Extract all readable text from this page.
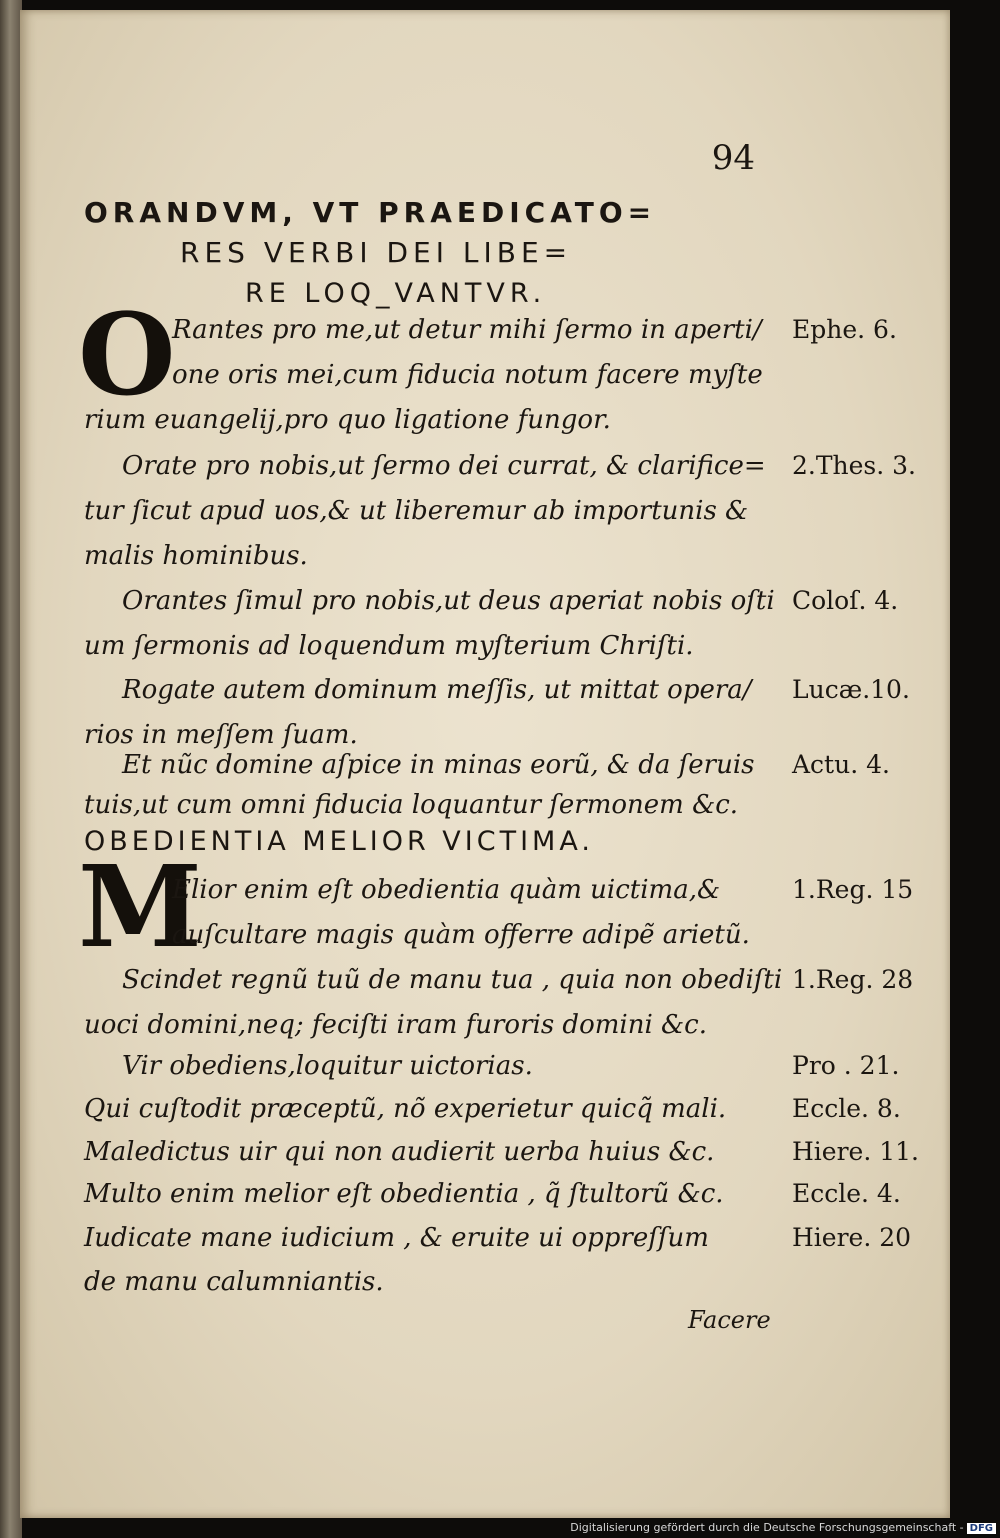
94
ORANDVM, VT PRAEDICATO=
RES VERBI DEI LIBE=
RE LOQ_VANTVR.
O
Rantes pro me,ut detur mihi ſermo in aperti/
one oris mei,cum fiducia notum facere myſte
rium euangelij,pro quo ligatione fungor.
Orate pro nobis,ut ſermo dei currat, & clarifice=
tur ſicut apud uos,& ut liberemur ab importunis &
malis hominibus.
Orantes ſimul pro nobis,ut deus aperiat nobis oſti
um ſermonis ad loquendum myſterium Chriſti.
Rogate autem dominum meſſis, ut mittat opera/
rios in meſſem ſuam.
Et nũc domine aſpice in minas eorũ, & da ſeruis
tuis,ut cum omni fiducia loquantur ſermonem &c.
OBEDIENTIA MELIOR VICTIMA.
M
Elior enim eſt obedientia quàm uictima,&
auſcultare magis quàm offerre adipẽ arietũ.
Scindet regnũ tuũ de manu tua , quia non obediſti
uoci domini,neq; feciſti iram furoris domini &c.
Vir obediens,loquitur uictorias.
Qui cuſtodit præceptũ, nõ experietur quicq̃ mali.
Maledictus uir qui non audierit uerba huius &c.
Multo enim melior eſt obedientia , q̃ ſtultorũ &c.
Iudicate mane iudicium , & eruite ui oppreſſum
de manu calumniantis.
Ephe. 6.
2.Thes. 3.
Coloſ. 4.
Lucæ.10.
Actu. 4.
1.Reg. 15
1.Reg. 28
Pro . 21.
Eccle. 8.
Hiere. 11.
Eccle. 4.
Hiere. 20
Facere
Digitalisierung gefördert durch die Deutsche Forschungsgemeinschaft - DFG
